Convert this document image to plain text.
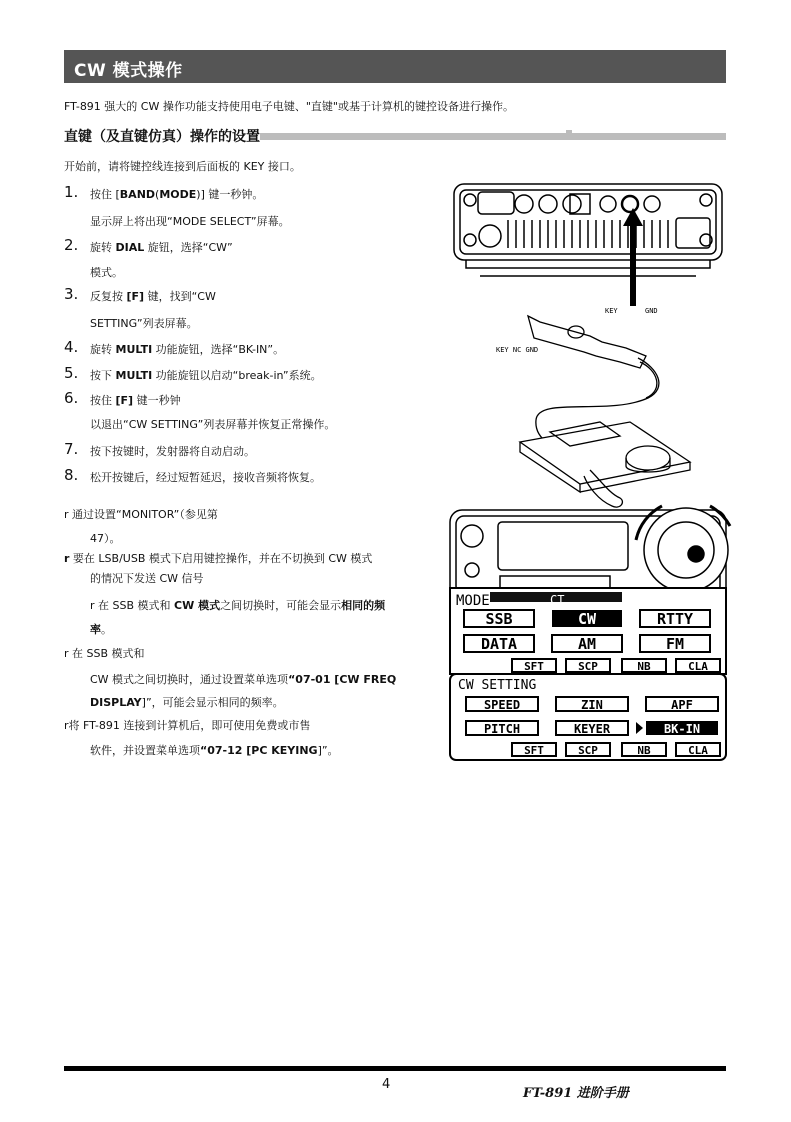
CW 模式操作
FT-891 强大的 CW 操作功能支持使用电子电键、"直键"或基于计算机的键控设备进行操作。
直键（及直键仿真）操作的设置
开始前，请将键控线连接到后面板的 KEY 接口。
1. 按住 [BAND(MODE)] 键一秒钟。
显示屏上将出现“MODE SELECT”屏幕。
2. 旋转 DIAL 旋钮，选择“CW”
模式。
3. 反复按 [F] 键，找到“CW
SETTING”列表屏幕。
4. 旋转 MULTI 功能旋钮，选择“BK-IN”。
5. 按下 MULTI 功能旋钮以启动“break-in”系统。
6. 按住 [F] 键一秒钟
以退出“CW SETTING”列表屏幕并恢复正常操作。
7. 按下按键时，发射器将自动启动。
8. 松开按键后，经过短暂延迟，接收音频将恢复。
r 通过设置“MONITOR”（参见第
47）。
r 要在 LSB/USB 模式下启用键控操作，并在不切换到 CW 模式
的情况下发送 CW 信号
r 在 SSB 模式和 CW 模式之间切换时，可能会显示相同的频
率。
r 在 SSB 模式和
CW 模式之间切换时，通过设置菜单选项“07-01 [CW FREQ
DISPLAY]”，可能会显示相同的频率。
r将 FT-891 连接到计算机后，即可使用免费或市售
软件，并设置菜单选项“07-12 [PC KEYING]”。
KEY	GND
KEY NC GND
MODE	CT
SSB	CW	RTTY
DATA	AM	FM
SFT	SCP	NB	CLA
CW SETTING
SPEED	ZIN	APF
PITCH	KEYER	BK-IN
SFT	SCP	NB	CLA
4
FT-891 进阶手册
